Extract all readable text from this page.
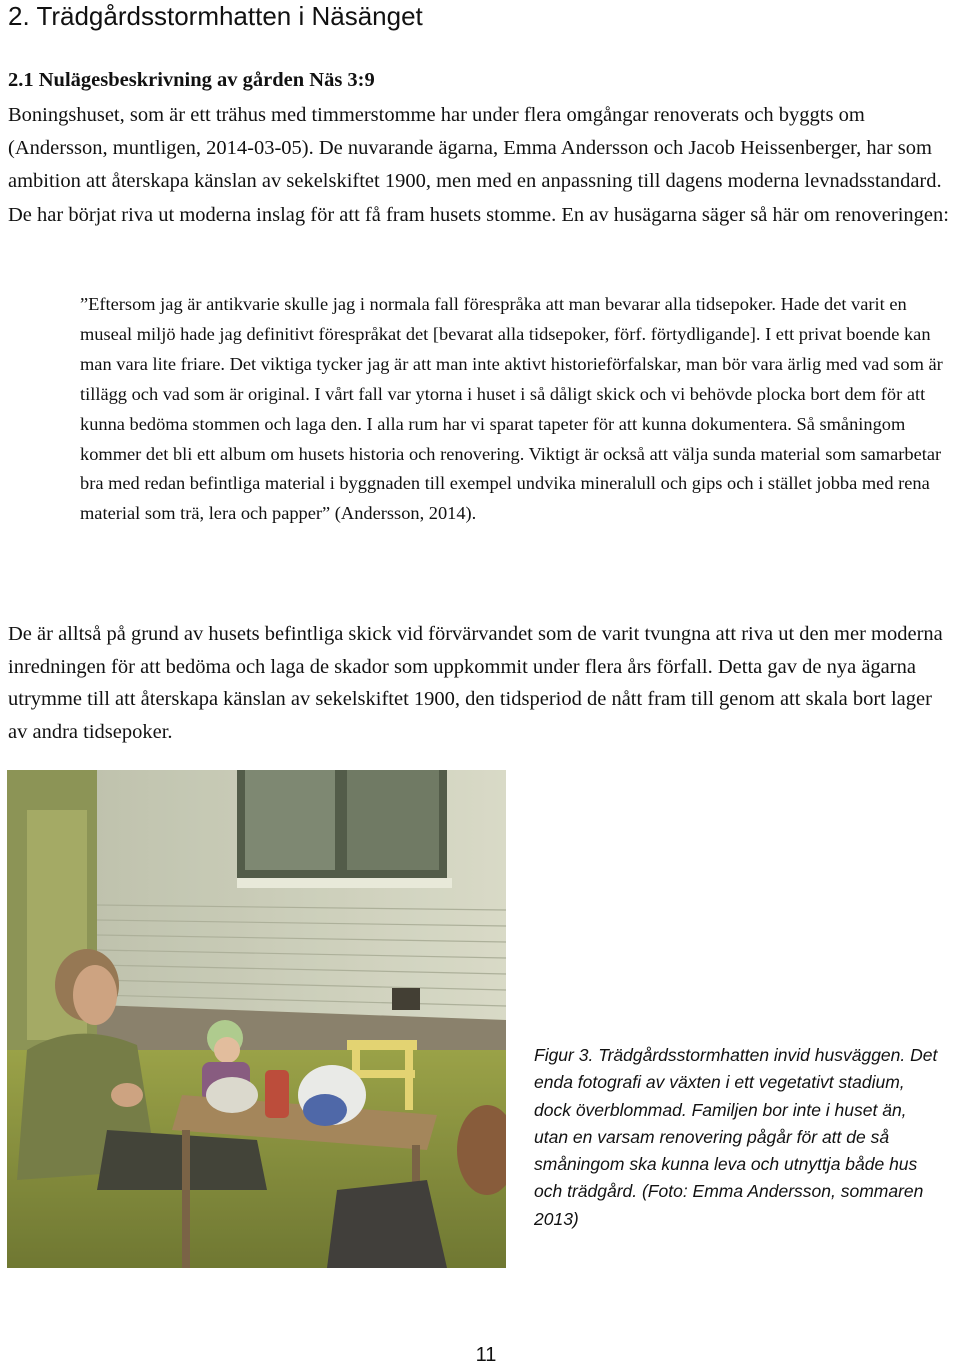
2. Trädgårdsstormhatten i Näsänget
2.1 Nulägesbeskrivning av gården Näs 3:9

Boningshuset, som är ett trähus med timmerstomme har under flera omgångar renoverats och byggts om (Andersson, muntligen, 2014-03-05). De nuvarande ägarna, Emma Andersson och Jacob Heissenberger, har som ambition att återskapa känslan av sekelskiftet 1900, men med en anpassning till dagens moderna levnadsstandard. De har börjat riva ut moderna inslag för att få fram husets stomme. En av husägarna säger så här om renoveringen:

”Eftersom jag är antikvarie skulle jag i normala fall förespråka att man bevarar alla tidsepoker. Hade det varit en museal miljö hade jag definitivt förespråkat det [bevarat alla tidsepoker, förf. förtydligande]. I ett privat boende kan man vara lite friare. Det viktiga tycker jag är att man inte aktivt historieförfalskar, man bör vara ärlig med vad som är tillägg och vad som är original. I vårt fall var ytorna i huset i så dåligt skick och vi behövde plocka bort dem för att kunna bedöma stommen och laga den. I alla rum har vi sparat tapeter för att kunna dokumentera. Så småningom kommer det bli ett album om husets historia och renovering. Viktigt är också att välja sunda material som samarbetar bra med redan befintliga material i byggnaden till exempel undvika mineralull och gips och i stället jobba med rena material som trä, lera och papper” (Andersson, 2014).

De är alltså på grund av husets befintliga skick vid förvärvandet som de varit tvungna att riva ut den mer moderna inredningen för att bedöma och laga de skador som uppkommit under flera års förfall. Detta gav de nya ägarna utrymme till att återskapa känslan av sekelskiftet 1900, den tidsperiod de nått fram till genom att skala bort lager av andra tidsepoker.

Figur 3. Trädgårdsstormhatten invid husväggen. Det enda fotografi av växten i ett vegetativt stadium, dock överblommad. Familjen bor inte i huset än, utan en varsam renovering pågår för att de så småningom ska kunna leva och utnyttja både hus och trädgård. (Foto: Emma Andersson, sommaren 2013)

11
